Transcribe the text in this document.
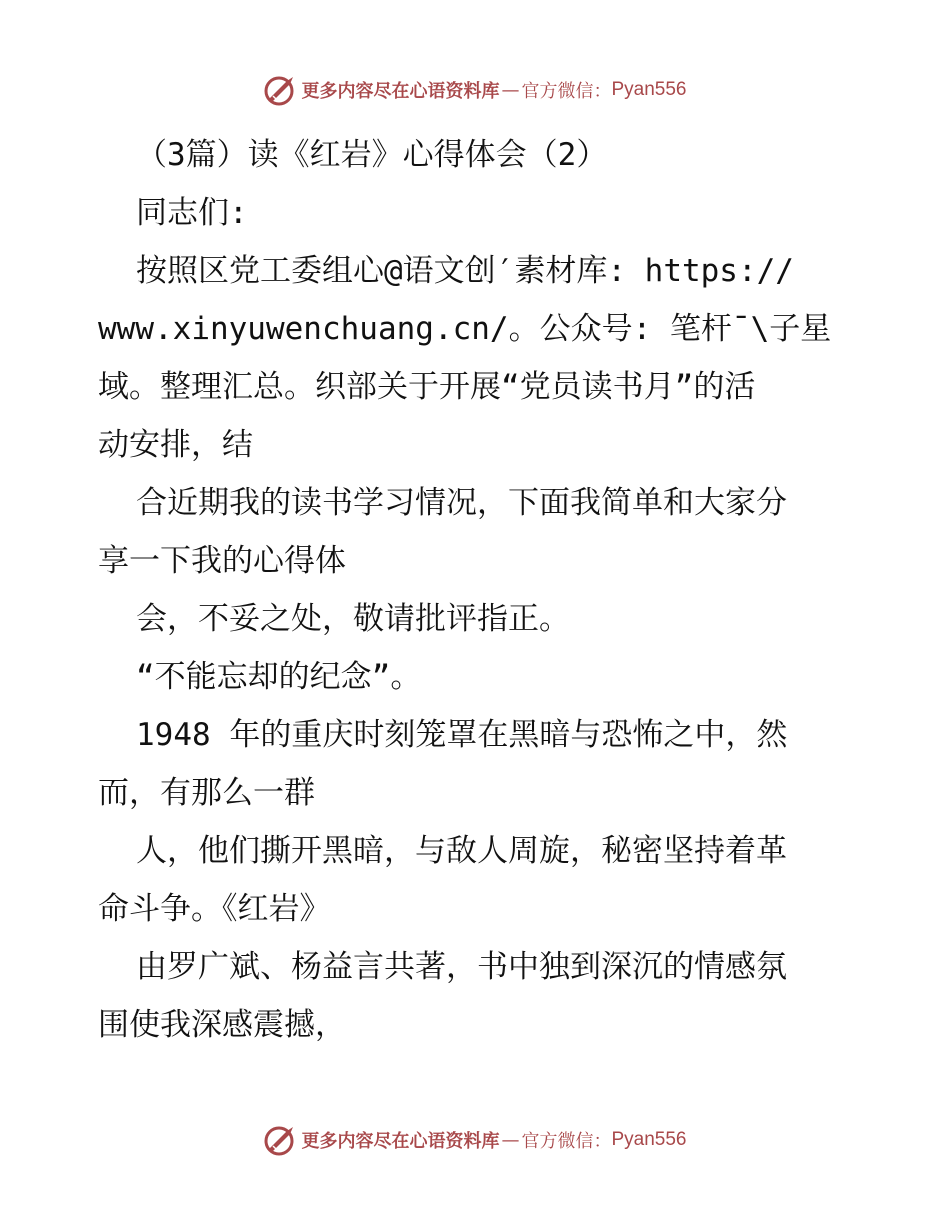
更多内容尽在心语资料库 — 官方微信： Pyan556
（3篇）读《红岩》心得体会（2）
同志们:
按照区党工委组心@语文创′素材库: https://
www.xinyuwenchuang.cn/。公众号: 笔杆¯\子星
域。整理汇总。织部关于开展“党员读书月”的活
动安排，结
合近期我的读书学习情况，下面我简单和大家分
享一下我的心得体
会，不妥之处，敬请批评指正。
“不能忘却的纪念”。
1948 年的重庆时刻笼罩在黑暗与恐怖之中，然
而，有那么一群
人，他们撕开黑暗，与敌人周旋，秘密坚持着革
命斗争。《红岩》
由罗广斌、杨益言共著，书中独到深沉的情感氛
围使我深感震撼，
更多内容尽在心语资料库 — 官方微信： Pyan556
